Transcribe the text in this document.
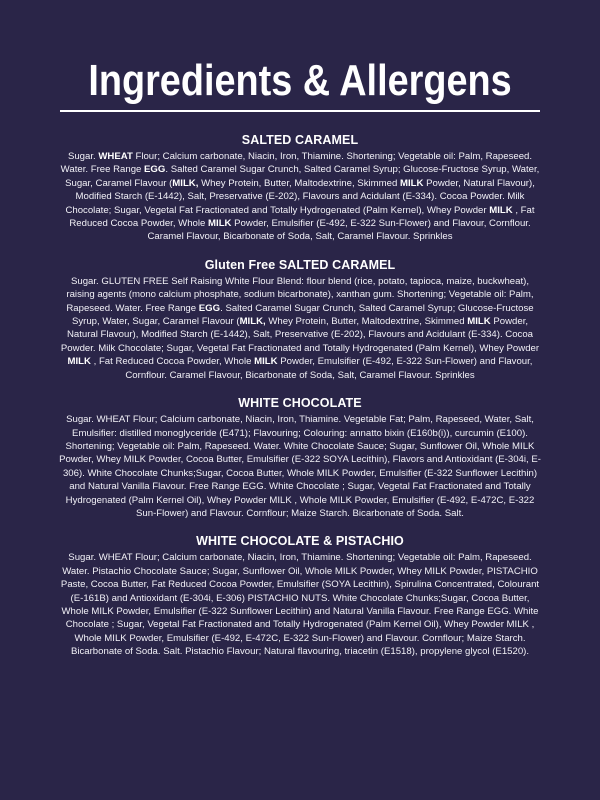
Ingredients & Allergens
SALTED CARAMEL

Sugar. WHEAT Flour; Calcium carbonate, Niacin, Iron, Thiamine. Shortening; Vegetable oil: Palm, Rapeseed. Water. Free Range EGG. Salted Caramel Sugar Crunch, Salted Caramel Syrup; Glucose-Fructose Syrup, Water, Sugar, Caramel Flavour (MILK, Whey Protein, Butter, Maltodextrine, Skimmed MILK Powder, Natural Flavour), Modified Starch (E-1442), Salt, Preservative (E-202), Flavours and Acidulant (E-334). Cocoa Powder. Milk Chocolate; Sugar, Vegetal Fat Fractionated and Totally Hydrogenated (Palm Kernel), Whey Powder MILK , Fat Reduced Cocoa Powder, Whole MILK Powder, Emulsifier (E-492, E-322 Sun-Flower) and Flavour, Cornflour. Caramel Flavour, Bicarbonate of Soda, Salt, Caramel Flavour. Sprinkles

Gluten Free SALTED CARAMEL

Sugar. GLUTEN FREE Self Raising White Flour Blend: flour blend (rice, potato, tapioca, maize, buckwheat), raising agents (mono calcium phosphate, sodium bicarbonate), xanthan gum. Shortening; Vegetable oil: Palm, Rapeseed. Water. Free Range EGG. Salted Caramel Sugar Crunch, Salted Caramel Syrup; Glucose-Fructose Syrup, Water, Sugar, Caramel Flavour (MILK, Whey Protein, Butter, Maltodextrine, Skimmed MILK Powder, Natural Flavour), Modified Starch (E-1442), Salt, Preservative (E-202), Flavours and Acidulant (E-334). Cocoa Powder. Milk Chocolate; Sugar, Vegetal Fat Fractionated and Totally Hydrogenated (Palm Kernel), Whey Powder MILK , Fat Reduced Cocoa Powder, Whole MILK Powder, Emulsifier (E-492, E-322 Sun-Flower) and Flavour, Cornflour. Caramel Flavour, Bicarbonate of Soda, Salt, Caramel Flavour. Sprinkles

WHITE CHOCOLATE

Sugar. WHEAT Flour; Calcium carbonate, Niacin, Iron, Thiamine. Vegetable Fat; Palm, Rapeseed, Water, Salt, Emulsifier: distilled monoglyceride (E471); Flavouring; Colouring: annatto bixin (E160b(i)), curcumin (E100). Shortening; Vegetable oil: Palm, Rapeseed. Water. White Chocolate Sauce; Sugar, Sunflower Oil, Whole MILK Powder, Whey MILK Powder, Cocoa Butter, Emulsifier (E-322 SOYA Lecithin), Flavors and Antioxidant (E-304i, E-306). White Chocolate Chunks;Sugar, Cocoa Butter, Whole MILK Powder, Emulsifier (E-322 Sunflower Lecithin) and Natural Vanilla Flavour. Free Range EGG. White Chocolate ; Sugar, Vegetal Fat Fractionated and Totally Hydrogenated (Palm Kernel Oil), Whey Powder MILK , Whole MILK Powder, Emulsifier (E-492, E-472C, E-322 Sun-Flower) and Flavour. Cornflour; Maize Starch. Bicarbonate of Soda. Salt.

WHITE CHOCOLATE & PISTACHIO

Sugar. WHEAT Flour; Calcium carbonate, Niacin, Iron, Thiamine. Shortening; Vegetable oil: Palm, Rapeseed. Water. Pistachio Chocolate Sauce; Sugar, Sunflower Oil, Whole MILK Powder, Whey MILK Powder, PISTACHIO Paste, Cocoa Butter, Fat Reduced Cocoa Powder, Emulsifier (SOYA Lecithin), Spirulina Concentrated, Colourant (E-161B) and Antioxidant (E-304i, E-306) PISTACHIO NUTS. White Chocolate Chunks;Sugar, Cocoa Butter, Whole MILK Powder, Emulsifier (E-322 Sunflower Lecithin) and Natural Vanilla Flavour. Free Range EGG. White Chocolate ; Sugar, Vegetal Fat Fractionated and Totally Hydrogenated (Palm Kernel Oil), Whey Powder MILK , Whole MILK Powder, Emulsifier (E-492, E-472C, E-322 Sun-Flower) and Flavour. Cornflour; Maize Starch. Bicarbonate of Soda. Salt. Pistachio Flavour; Natural flavouring, triacetin (E1518), propylene glycol (E1520).
